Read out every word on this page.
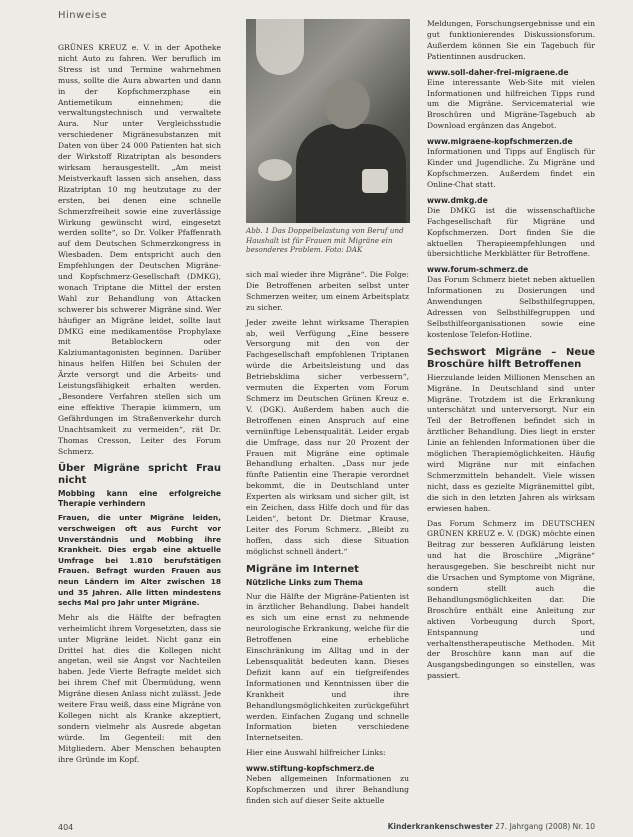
Hinweise

GRÜNES KREUZ e. V. in der Apotheke nicht Auto zu fahren. Wer beruflich im Stress ist und Termine wahrnehmen muss, sollte die Aura abwarten und dann in der Kopfschmerzphase ein Antiemetikum einnehmen; die verwaltungstechnisch und verwaltete Aura. Nur unter Vergleichsstudie verschiedener Migränesubstanzen mit Daten von über 24 000 Patienten hat sich der Wirkstoff Rizatriptan als besonders wirksam herausgestellt. „Am meist Meistverkauft lassen sich ansehen, dass Rizatriptan 10 mg heutzutage zu der ersten, bei denen eine schnelle Schmerzfreiheit sowie eine zuverlässige Wirkung gewünscht wird, eingesetzt werden sollte“, so Dr. Volker Pfaffenrath auf dem Deutschen Schmerzkongress in Wiesbaden. Dem entspricht auch den Empfehlungen der Deutschen Migräne- und Kopfschmerz-Gesellschaft (DMKG), wonach Triptane die Mittel der ersten Wahl zur Behandlung von Attacken schwerer bis schwerer Migräne sind. Wer häufiger an Migräne leidet, sollte laut DMKG eine medikamentöse Prophylaxe mit Betablockern oder Kalziumantagonisten beginnen. Darüber hinaus helfen Hilfen bei Schulen der Ärzte versorgt und die Arbeits- und Leistungsfähigkeit erhalten werden. „Besondere Verfahren stellen sich um eine effektive Therapie kümmern, um Gefährdungen im Straßenverkehr durch Unachtsamkeit zu vermeiden“, rät Dr. Thomas Cresson, Leiter des Forum Schmerz.

Über Migräne spricht Frau nicht
Mobbing kann eine erfolgreiche Therapie verhindern

Frauen, die unter Migräne leiden, verschweigen oft aus Furcht vor Unverständnis und Mobbing ihre Krankheit. Dies ergab eine aktuelle Umfrage bei 1.810 berufstätigen Frauen. Befragt wurden Frauen aus neun Ländern im Alter zwischen 18 und 35 Jahren. Alle litten mindestens sechs Mal pro Jahr unter Migräne.

Mehr als die Hälfte der befragten verheimlicht ihrem Vorgesetzten, dass sie unter Migräne leidet. Nicht ganz ein Drittel hat dies die Kollegen nicht angetan, weil sie Angst vor Nachteilen haben. Jede Vierte Befragte meldet sich bei ihrem Chef mit Übermüdung, wenn Migräne diesen Anlass nicht zulässt. Jede weitere Frau weiß, dass eine Migräne von Kollegen nicht als Kranke akzeptiert, sondern vielmehr als Ausrede abgetan würde. Im Gegenteil: mit den Mitgliedern. Aber Menschen behaupten ihre Gründe im Kopf.

Abb. 1 Das Doppelbelastung von Beruf und Haushalt ist für Frauen mit Migräne ein besonderes Problem. Foto: DAK

sich mal wieder ihre Migräne“. Die Folge: Die Betroffenen arbeiten selbst unter Schmerzen weiter, um einem Arbeitsplatz zu sicher.

Jeder zweite lehnt wirksame Therapien ab, weil Verfügung „Eine bessere Versorgung mit den von der Fachgesellschaft empfohlenen Triptanen würde die Arbeitsleistung und das Betriebsklima sicher verbessern“, vermuten die Experten vom Forum Schmerz im Deutschen Grünen Kreuz e. V. (DGK). Außerdem haben auch die Betroffenen einen Anspruch auf eine vernünftige Lebensqualität. Leider ergab die Umfrage, dass nur 20 Prozent der Frauen mit Migräne eine optimale Behandlung erhalten. „Dass nur jede fünfte Patientin eine Therapie verordnet bekommt, die in Deutschland unter Experten als wirksam und sicher gilt, ist ein Zeichen, dass Hilfe doch und für das Leiden“, betont Dr. Dietmar Krause, Leiter des Forum Schmerz. „Bleibt zu hoffen, dass sich diese Situation möglichst schnell ändert.“

Migräne im Internet
Nützliche Links zum Thema

Nur die Hälfte der Migräne-Patienten ist in ärztlicher Behandlung. Dabei handelt es sich um eine ernst zu nehmende neurologische Erkrankung, welche für die Betroffenen eine erhebliche Einschränkung im Alltag und in der Lebensqualität bedeuten kann. Dieses Defizit kann auf ein tiefgreifendes Informationen und Kenntnissen über die Krankheit und ihre Behandlungsmöglichkeiten zurückgeführt werden. Einfachen Zugang und schnelle Information bieten verschiedene Internetseiten.

Hier eine Auswahl hilfreicher Links:

www.stiftung-kopfschmerz.de

Neben allgemeinen Informationen zu Kopfschmerzen und ihrer Behandlung finden sich auf dieser Seite aktuelle

Meldungen, Forschungsergebnisse und ein gut funktionierendes Diskussionsforum. Außerdem können Sie ein Tagebuch für Patientinnen ausdrucken.

www.soll-daher-frei-migraene.de

Eine interessante Web-Site mit vielen Informationen und hilfreichen Tipps rund um die Migräne. Servicematerial wie Broschüren und Migräne-Tagebuch ab Download ergänzen das Angebot.

www.migraene-kopfschmerzen.de

Informationen und Tipps auf Englisch für Kinder und Jugendliche. Zu Migräne und Kopfschmerzen. Außerdem findet ein Online-Chat statt.

www.dmkg.de

Die DMKG ist die wissenschaftliche Fachgesellschaft für Migräne und Kopfschmerzen. Dort finden Sie die aktuellen Therapieempfehlungen und übersichtliche Merkblätter für Betroffene.

www.forum-schmerz.de

Das Forum Schmerz bietet neben aktuellen Informationen zu Dosierungen und Anwendungen Selbsthilfegruppen, Adressen von Selbsthilfegruppen und Selbsthilfeorganisationen sowie eine kostenlose Telefon-Hotline.

Sechswort Migräne – Neue Broschüre hilft Betroffenen

Hierzulande leiden Millionen Menschen an Migräne. In Deutschland sind unter Migräne. Trotzdem ist die Erkrankung unterschätzt und unterversorgt. Nur ein Teil der Betroffenen befindet sich in ärztlicher Behandlung. Dies liegt in erster Linie an fehlenden Informationen über die möglichen Therapiemöglichkeiten. Häufig wird Migräne nur mit einfachen Schmerzmitteln behandelt. Viele wissen nicht, dass es gezielte Migränemittel gibt, die sich in den letzten Jahren als wirksam erwiesen haben.

Das Forum Schmerz im DEUTSCHEN GRÜNEN KREUZ e. V. (DGK) möchte einen Beitrag zur besseren Aufklärung leisten und hat die Broschüre „Migräne“ herausgegeben. Sie beschreibt nicht nur die Ursachen und Symptome von Migräne, sondern stellt auch die Behandlungsmöglichkeiten dar. Die Broschüre enthält eine Anleitung zur aktiven Vorbeugung durch Sport, Entspannung und verhaltenstherapeutische Methoden. Mit der Broschüre kann man auf die Ausgangsbedingungen so einstellen, was passiert.

404	Kinderkrankenschwester 27. Jahrgang (2008) Nr. 10
